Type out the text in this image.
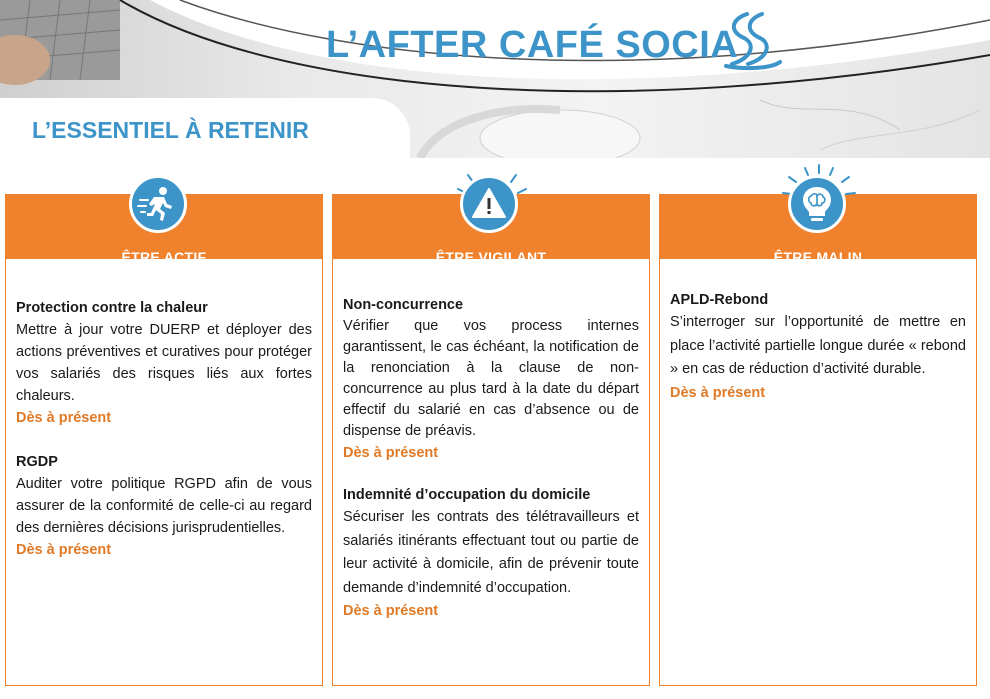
L’AFTER CAFÉ SOCIA
L’ESSENTIEL À RETENIR
ÊTRE ACTIF
Protection contre la chaleur

Mettre à jour votre DUERP et déployer des actions préventives et curatives pour protéger vos salariés des risques liés aux fortes chaleurs.

Dès à présent

RGDP

Auditer votre politique RGPD afin de vous assurer de la conformité de celle-ci au regard des dernières décisions jurisprudentielles.

Dès à présent

ÊTRE VIGILANT
Non-concurrence

Vérifier que vos process internes garantissent, le cas échéant, la notification de la renonciation à la clause de non-concurrence au plus tard à la date du départ effectif du salarié en cas d’absence ou de dispense de préavis.

Dès à présent

Indemnité d’occupation du domicile

Sécuriser les contrats des télétravailleurs et salariés itinérants effectuant tout ou partie de leur activité à domicile, afin de prévenir toute demande d’indemnité d’occupation.

Dès à présent

ÊTRE MALIN
APLD-Rebond

S’interroger sur l’opportunité de mettre en place l’activité partielle longue durée « rebond » en cas de réduction d’activité durable.

Dès à présent
